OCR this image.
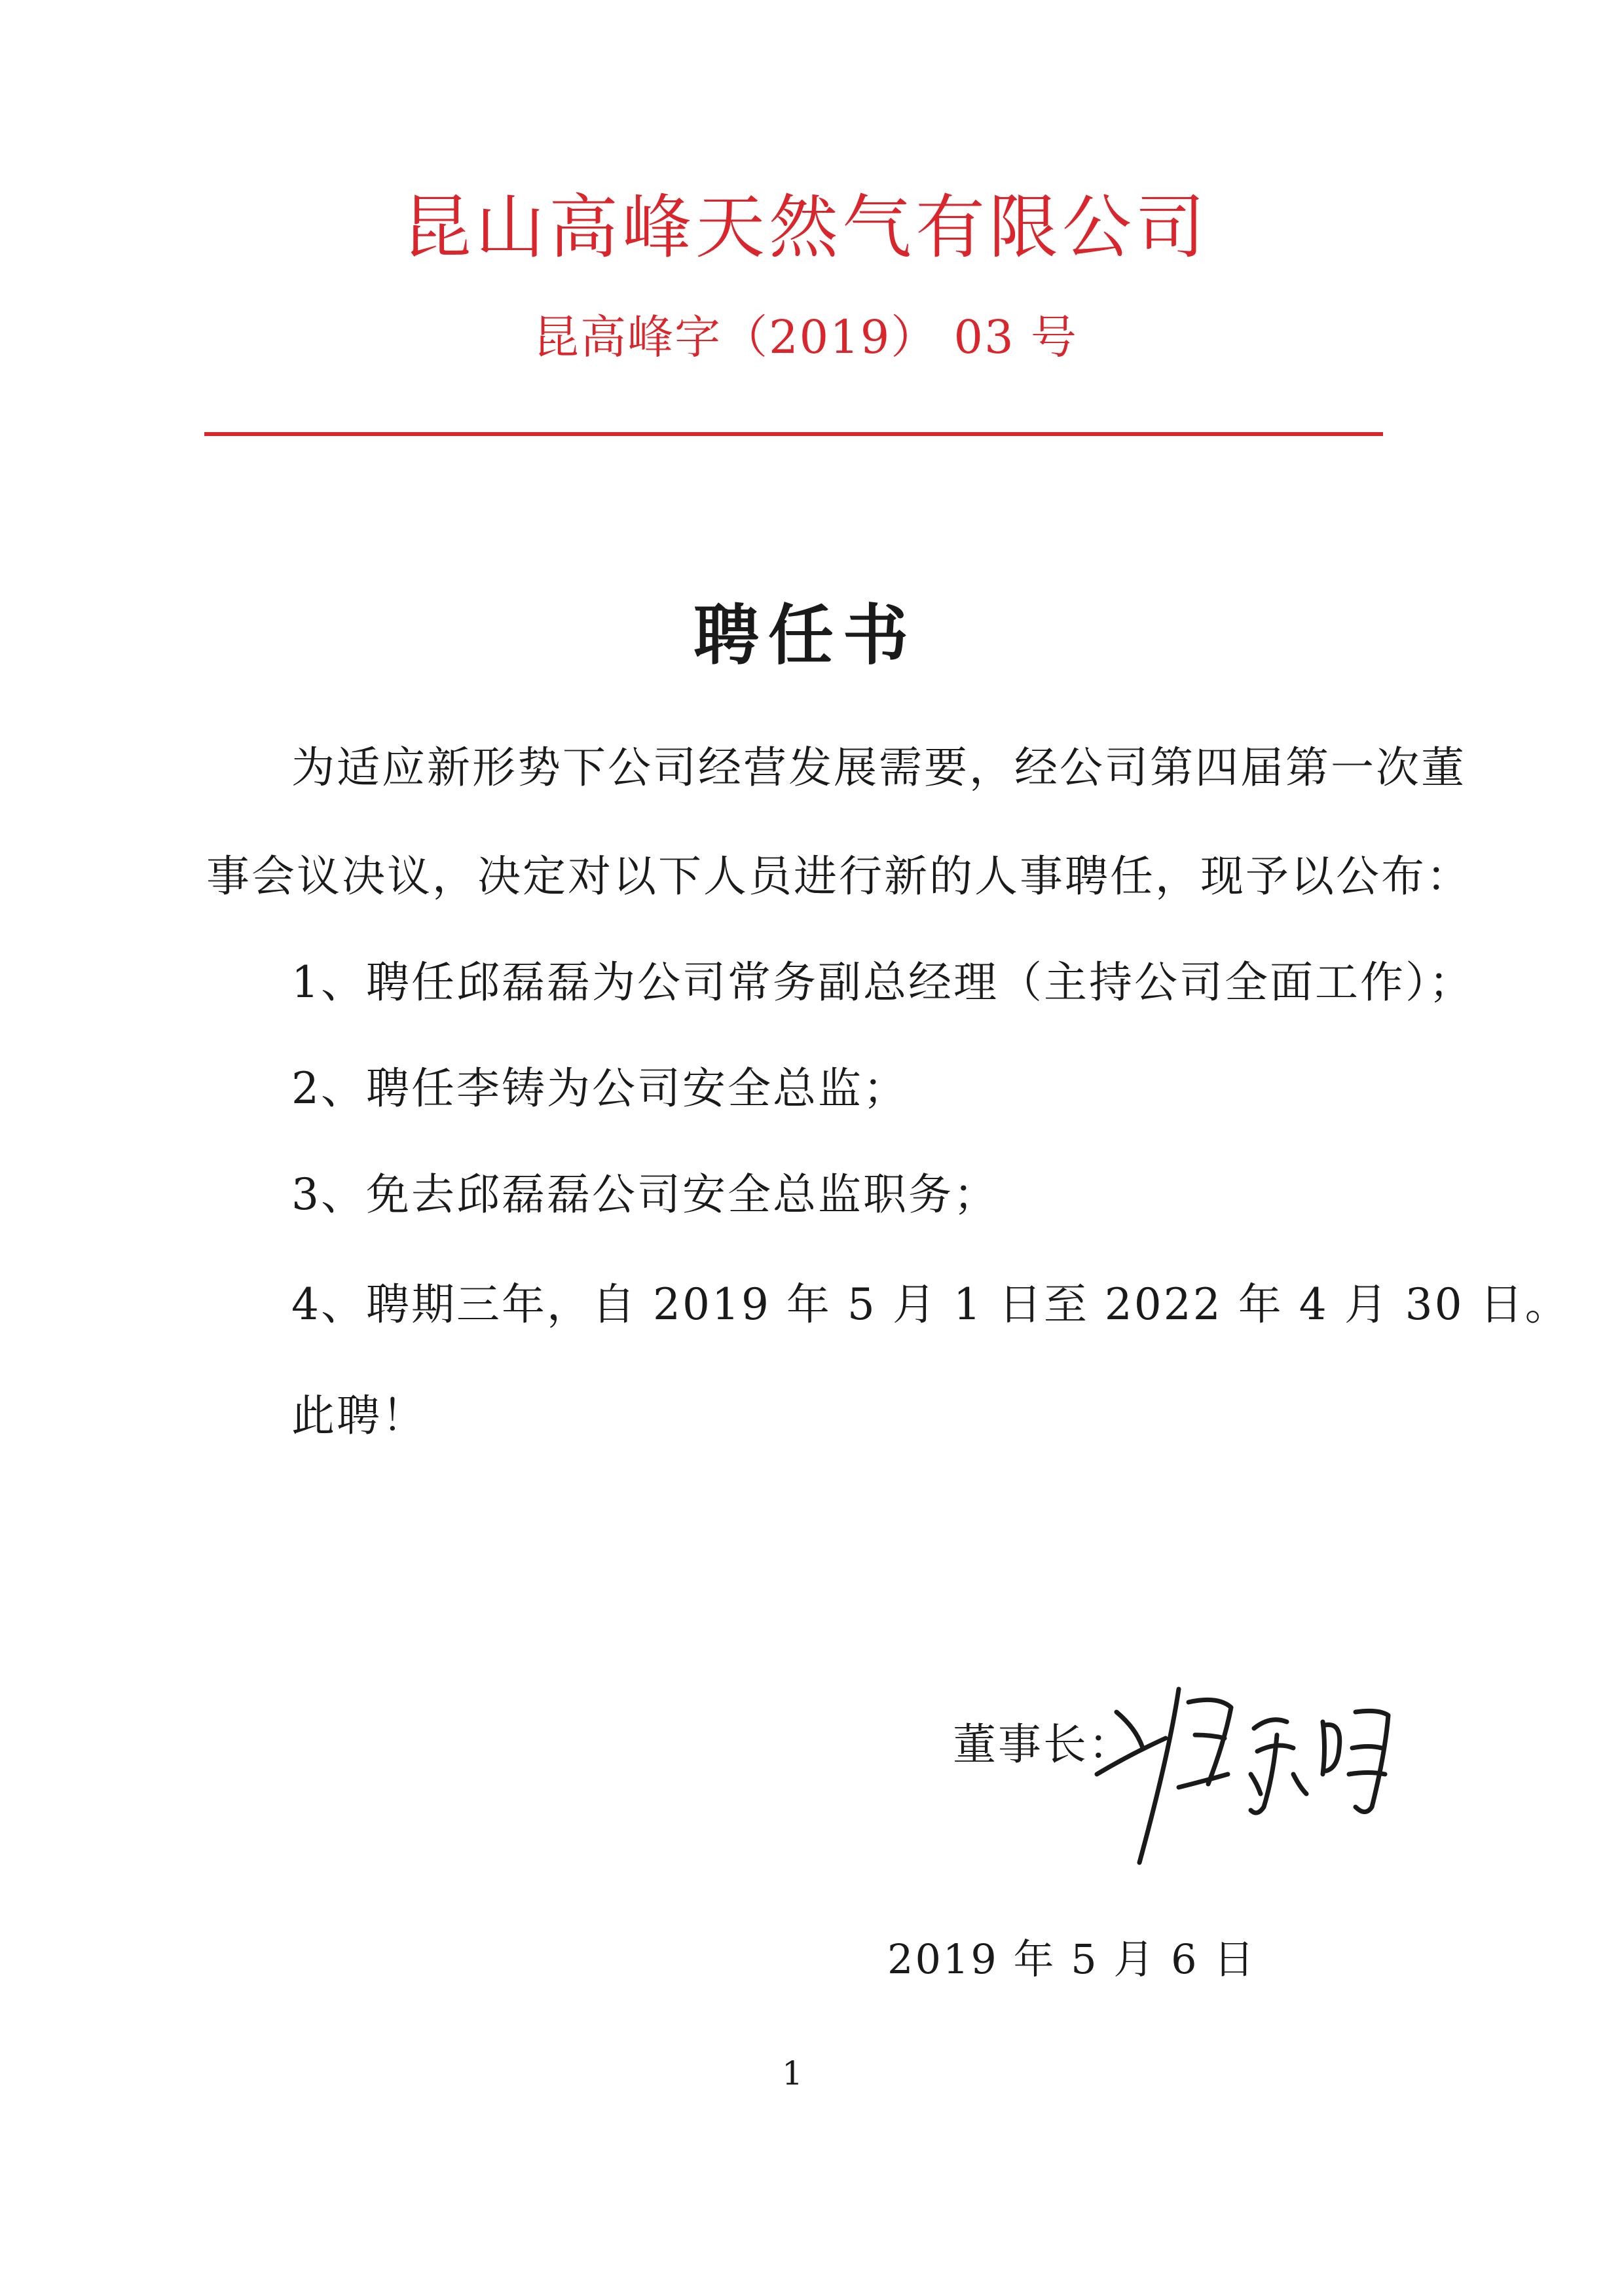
昆山高峰天然气有限公司
昆高峰字（2019） 03 号
聘任书
为适应新形势下公司经营发展需要，经公司第四届第一次董
事会议决议，决定对以下人员进行新的人事聘任，现予以公布：
1、聘任邱磊磊为公司常务副总经理（主持公司全面工作）；
2、聘任李铸为公司安全总监；
3、免去邱磊磊公司安全总监职务；
4、聘期三年，自 2019 年 5 月 1 日至 2022 年 4 月 30 日。
此聘！
董事长：
2019 年 5 月 6 日
1
